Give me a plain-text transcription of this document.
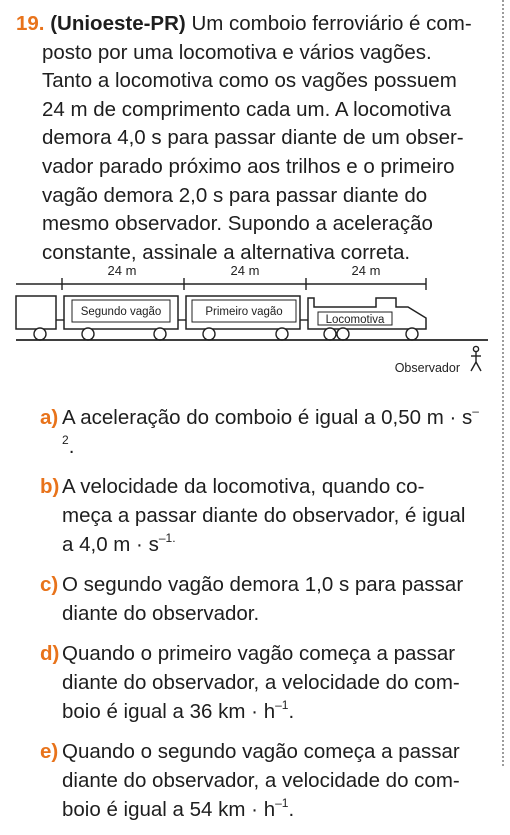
19. (Unioeste-PR) Um comboio ferroviário é com-
posto por uma locomotiva e vários vagões.
Tanto a locomotiva como os vagões possuem
24 m de comprimento cada um. A locomotiva
demora 4,0 s para passar diante de um obser-
vador parado próximo aos trilhos e o primeiro
vagão demora 2,0 s para passar diante do
mesmo observador. Supondo a aceleração
constante, assinale a alternativa correta.
24 m	24 m	24 m
Segundo vagão	Primeiro vagão
Locomotiva
Observador
a) A aceleração do comboio é igual a 0,50 $m \cdot s^{-2}$.
b) A velocidade da locomotiva, quando co-
meça a passar diante do observador, é igual
a 4,0 $m \cdot s^{-1.}$
c) O segundo vagão demora 1,0 s para passar
diante do observador.
d) Quando o primeiro vagão começa a passar
diante do observador, a velocidade do com-
boio é igual a 36 km · $h^{-1}$.
e) Quando o segundo vagão começa a passar
diante do observador, a velocidade do com-
boio é igual a 54 km · $h^{-1}$.
